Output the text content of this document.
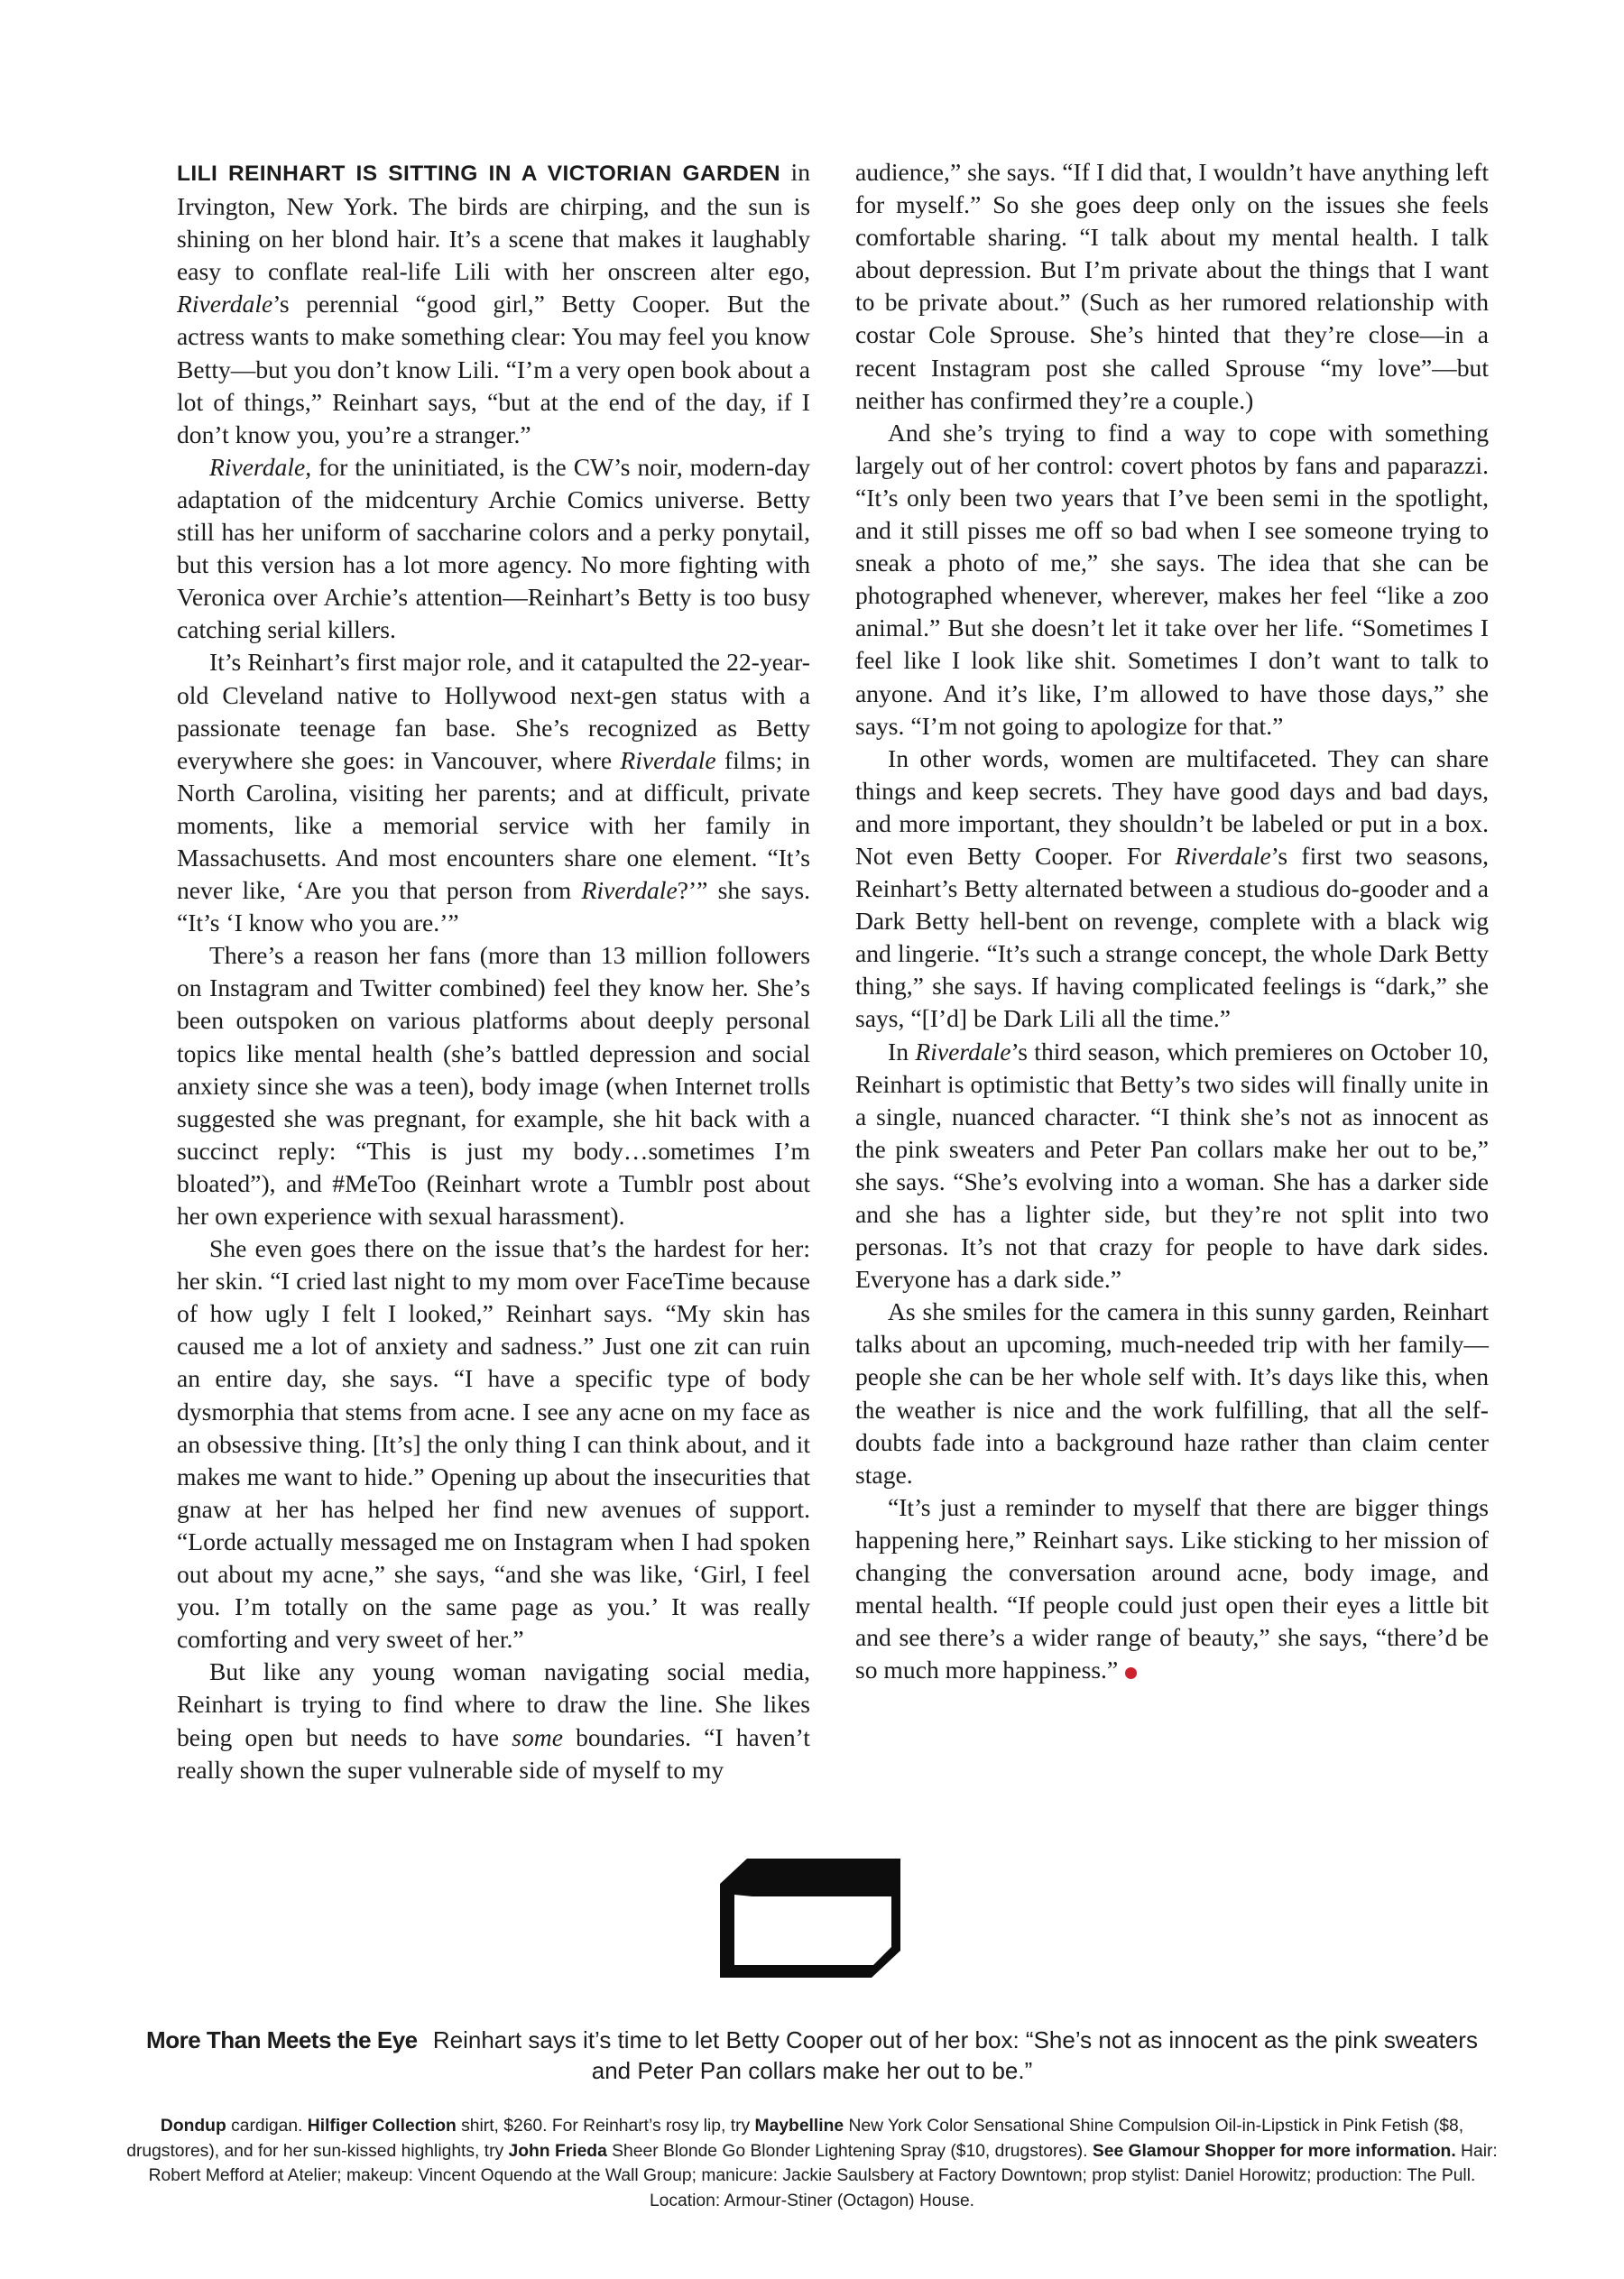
LILI REINHART IS SITTING IN A VICTORIAN GARDEN in Irvington, New York. The birds are chirping, and the sun is shining on her blond hair. It’s a scene that makes it laughably easy to conflate real-life Lili with her onscreen alter ego, Riverdale’s perennial “good girl,” Betty Cooper. But the actress wants to make something clear: You may feel you know Betty—but you don’t know Lili. “I’m a very open book about a lot of things,” Reinhart says, “but at the end of the day, if I don’t know you, you’re a stranger.”

Riverdale, for the uninitiated, is the CW’s noir, modern-day adaptation of the midcentury Archie Comics universe. Betty still has her uniform of saccharine colors and a perky ponytail, but this version has a lot more agency. No more fighting with Veronica over Archie’s attention—Reinhart’s Betty is too busy catching serial killers.

It’s Reinhart’s first major role, and it catapulted the 22-year-old Cleveland native to Hollywood next-gen status with a passionate teenage fan base. She’s recognized as Betty everywhere she goes: in Vancouver, where Riverdale films; in North Carolina, visiting her parents; and at difficult, private moments, like a memorial service with her family in Massachusetts. And most encounters share one element. “It’s never like, ‘Are you that person from Riverdale?’” she says. “It’s ‘I know who you are.’”

There’s a reason her fans (more than 13 million followers on Instagram and Twitter combined) feel they know her. She’s been outspoken on various platforms about deeply personal topics like mental health (she’s battled depression and social anxiety since she was a teen), body image (when Internet trolls suggested she was pregnant, for example, she hit back with a succinct reply: “This is just my body…sometimes I’m bloated”), and #MeToo (Reinhart wrote a Tumblr post about her own experience with sexual harassment).

She even goes there on the issue that’s the hardest for her: her skin. “I cried last night to my mom over FaceTime because of how ugly I felt I looked,” Reinhart says. “My skin has caused me a lot of anxiety and sadness.” Just one zit can ruin an entire day, she says. “I have a specific type of body dysmorphia that stems from acne. I see any acne on my face as an obsessive thing. [It’s] the only thing I can think about, and it makes me want to hide.” Opening up about the insecurities that gnaw at her has helped her find new avenues of support. “Lorde actually messaged me on Instagram when I had spoken out about my acne,” she says, “and she was like, ‘Girl, I feel you. I’m totally on the same page as you.’ It was really comforting and very sweet of her.”

But like any young woman navigating social media, Reinhart is trying to find where to draw the line. She likes being open but needs to have some boundaries. “I haven’t really shown the super vulnerable side of myself to my

audience,” she says. “If I did that, I wouldn’t have anything left for myself.” So she goes deep only on the issues she feels comfortable sharing. “I talk about my mental health. I talk about depression. But I’m private about the things that I want to be private about.” (Such as her rumored relationship with costar Cole Sprouse. She’s hinted that they’re close—in a recent Instagram post she called Sprouse “my love”—but neither has confirmed they’re a couple.)

And she’s trying to find a way to cope with something largely out of her control: covert photos by fans and paparazzi. “It’s only been two years that I’ve been semi in the spotlight, and it still pisses me off so bad when I see someone trying to sneak a photo of me,” she says. The idea that she can be photographed whenever, wherever, makes her feel “like a zoo animal.” But she doesn’t let it take over her life. “Sometimes I feel like I look like shit. Sometimes I don’t want to talk to anyone. And it’s like, I’m allowed to have those days,” she says. “I’m not going to apologize for that.”

In other words, women are multifaceted. They can share things and keep secrets. They have good days and bad days, and more important, they shouldn’t be labeled or put in a box. Not even Betty Cooper. For Riverdale’s first two seasons, Reinhart’s Betty alternated between a studious do-gooder and a Dark Betty hell-bent on revenge, complete with a black wig and lingerie. “It’s such a strange concept, the whole Dark Betty thing,” she says. If having complicated feelings is “dark,” she says, “[I’d] be Dark Lili all the time.”

In Riverdale’s third season, which premieres on October 10, Reinhart is optimistic that Betty’s two sides will finally unite in a single, nuanced character. “I think she’s not as innocent as the pink sweaters and Peter Pan collars make her out to be,” she says. “She’s evolving into a woman. She has a darker side and she has a lighter side, but they’re not split into two personas. It’s not that crazy for people to have dark sides. Everyone has a dark side.”

As she smiles for the camera in this sunny garden, Reinhart talks about an upcoming, much-needed trip with her family—people she can be her whole self with. It’s days like this, when the weather is nice and the work fulfilling, that all the self-doubts fade into a background haze rather than claim center stage.

“It’s just a reminder to myself that there are bigger things happening here,” Reinhart says. Like sticking to her mission of changing the conversation around acne, body image, and mental health. “If people could just open their eyes a little bit and see there’s a wider range of beauty,” she says, “there’d be so much more happiness.”

More Than Meets the Eye Reinhart says it’s time to let Betty Cooper out of her box: “She’s not as innocent as the pink sweaters and Peter Pan collars make her out to be.”
Dondup cardigan. Hilfiger Collection shirt, $260. For Reinhart’s rosy lip, try Maybelline New York Color Sensational Shine Compulsion Oil-in-Lipstick in Pink Fetish ($8, drugstores), and for her sun-kissed highlights, try John Frieda Sheer Blonde Go Blonder Lightening Spray ($10, drugstores). See Glamour Shopper for more information. Hair: Robert Mefford at Atelier; makeup: Vincent Oquendo at the Wall Group; manicure: Jackie Saulsbery at Factory Downtown; prop stylist: Daniel Horowitz; production: The Pull. Location: Armour-Stiner (Octagon) House.
